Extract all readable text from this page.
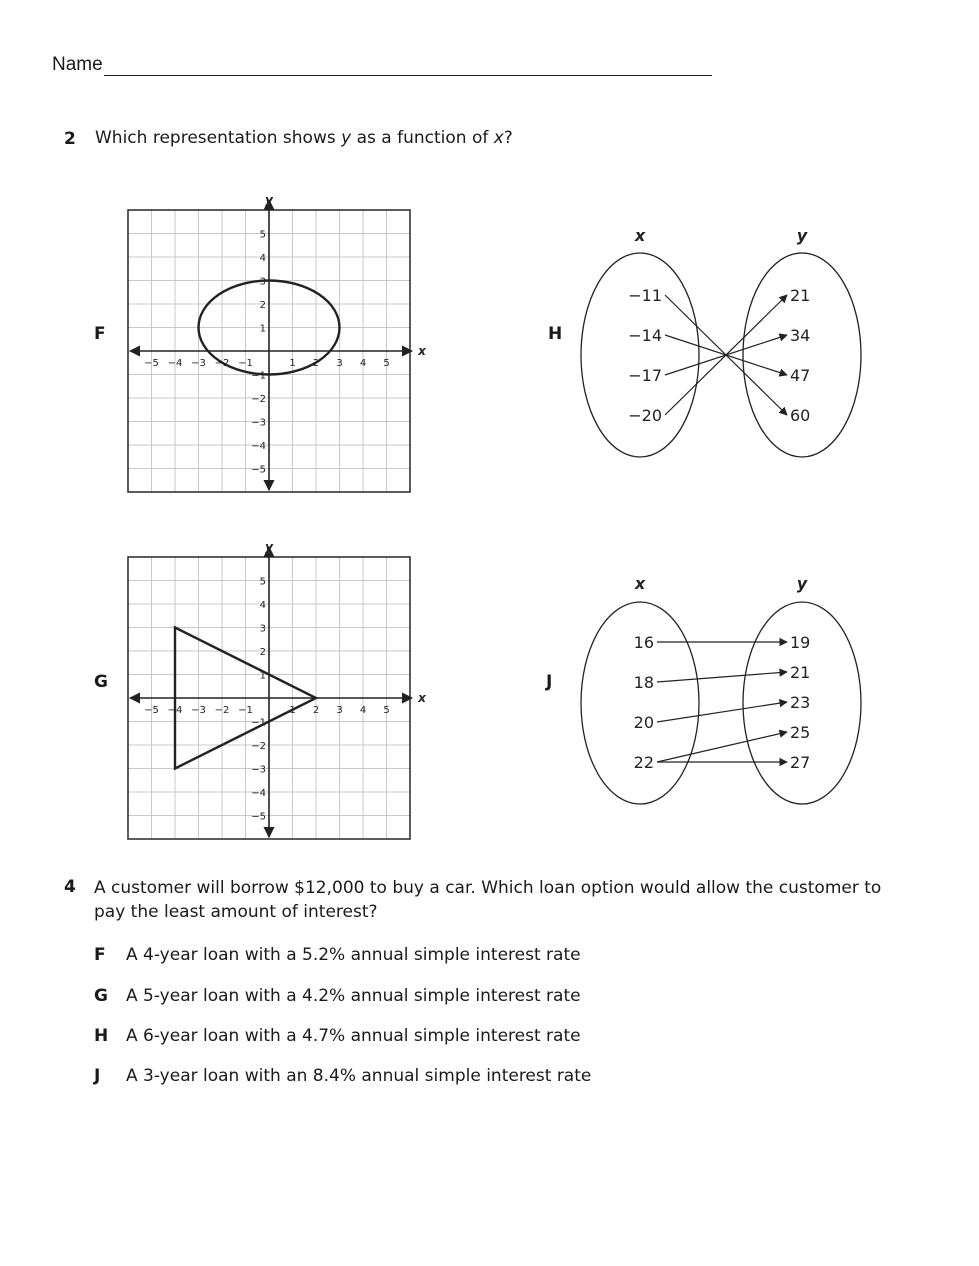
Name
2 Which representation shows y as a function of x?
F	H
G	J
−5 −4 −3 −2 −1	1 2 3 4 5
5
4
3
2
1
−1
−2
−3
−4
−5
x
y
−5 −4 −3 −2 −1	1 2 3 4 5
5
4
3
2
1
−1
−2
−3
−4
−5
x
y
x	y
−11
−14
−17
−20
21
34
47
60
x	y
16
18
20
22
19
21
23
25
27
4 A customer will borrow $12,000 to buy a car. Which loan option would allow the customer to
pay the least amount of interest?
F A 4-year loan with a 5.2% annual simple interest rate
G A 5-year loan with a 4.2% annual simple interest rate
H A 6-year loan with a 4.7% annual simple interest rate
J A 3-year loan with an 8.4% annual simple interest rate
